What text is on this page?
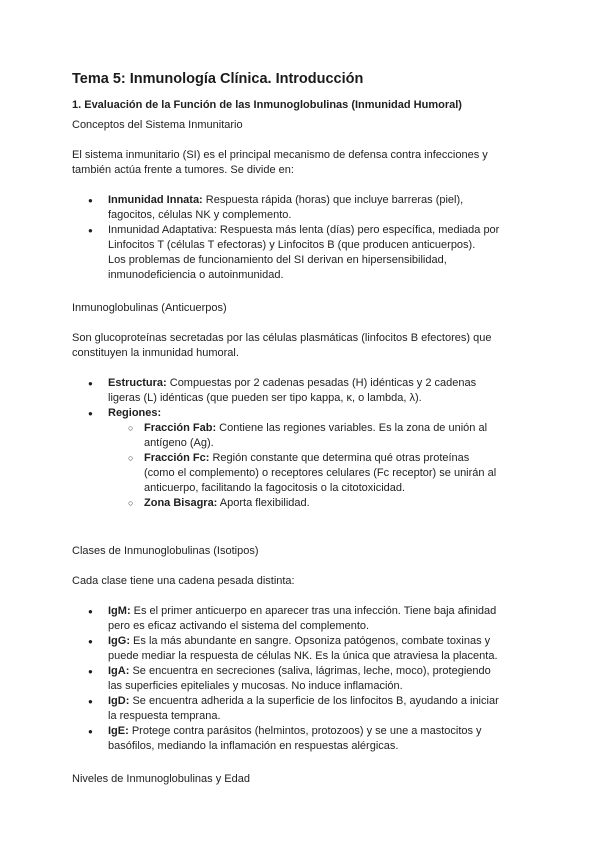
Tema 5: Inmunología Clínica. Introducción
1. Evaluación de la Función de las Inmunoglobulinas (Inmunidad Humoral)

Conceptos del Sistema Inmunitario

El sistema inmunitario (SI) es el principal mecanismo de defensa contra infecciones y también actúa frente a tumores. Se divide en:

● Inmunidad Innata: Respuesta rápida (horas) que incluye barreras (piel), fagocitos, células NK y complemento.
● Inmunidad Adaptativa: Respuesta más lenta (días) pero específica, mediada por Linfocitos T (células T efectoras) y Linfocitos B (que producen anticuerpos).
Los problemas de funcionamiento del SI derivan en hipersensibilidad, inmunodeficiencia o autoinmunidad.

Inmunoglobulinas (Anticuerpos)

Son glucoproteínas secretadas por las células plasmáticas (linfocitos B efectores) que constituyen la inmunidad humoral.

● Estructura: Compuestas por 2 cadenas pesadas (H) idénticas y 2 cadenas ligeras (L) idénticas (que pueden ser tipo kappa, κ, o lambda, λ).
● Regiones:
○ Fracción Fab: Contiene las regiones variables. Es la zona de unión al antígeno (Ag).
○ Fracción Fc: Región constante que determina qué otras proteínas (como el complemento) o receptores celulares (Fc receptor) se unirán al anticuerpo, facilitando la fagocitosis o la citotoxicidad.
○ Zona Bisagra: Aporta flexibilidad.

Clases de Inmunoglobulinas (Isotipos)

Cada clase tiene una cadena pesada distinta:

● IgM: Es el primer anticuerpo en aparecer tras una infección. Tiene baja afinidad pero es eficaz activando el sistema del complemento.
● IgG: Es la más abundante en sangre. Opsoniza patógenos, combate toxinas y puede mediar la respuesta de células NK. Es la única que atraviesa la placenta.
● IgA: Se encuentra en secreciones (saliva, lágrimas, leche, moco), protegiendo las superficies epiteliales y mucosas. No induce inflamación.
● IgD: Se encuentra adherida a la superficie de los linfocitos B, ayudando a iniciar la respuesta temprana.
● IgE: Protege contra parásitos (helmintos, protozoos) y se une a mastocitos y basófilos, mediando la inflamación en respuestas alérgicas.

Niveles de Inmunoglobulinas y Edad
